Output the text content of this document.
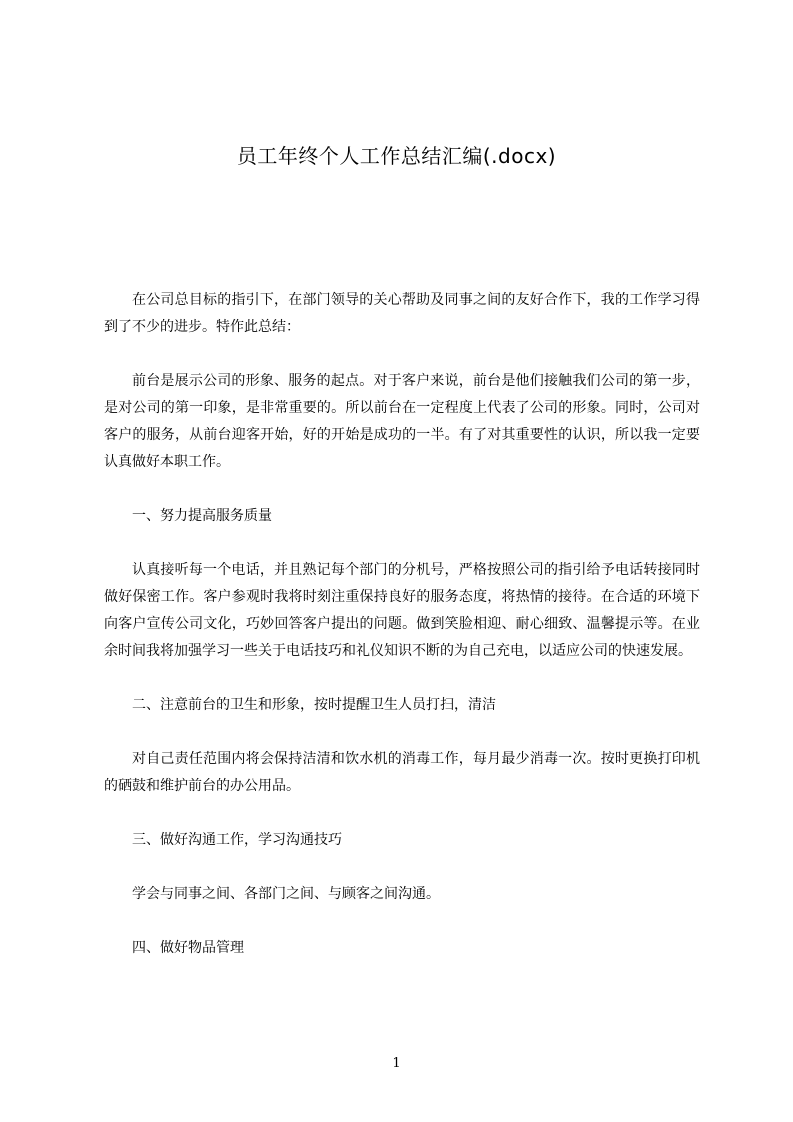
员工年终个人工作总结汇编(.docx)

在公司总目标的指引下，在部门领导的关心帮助及同事之间的友好合作下，我的工作学习得到了不少的进步。特作此总结：

前台是展示公司的形象、服务的起点。对于客户来说，前台是他们接触我们公司的第一步，是对公司的第一印象，是非常重要的。所以前台在一定程度上代表了公司的形象。同时，公司对客户的服务，从前台迎客开始，好的开始是成功的一半。有了对其重要性的认识，所以我一定要认真做好本职工作。

一、努力提高服务质量

认真接听每一个电话，并且熟记每个部门的分机号，严格按照公司的指引给予电话转接同时做好保密工作。客户参观时我将时刻注重保持良好的服务态度，将热情的接待。在合适的环境下向客户宣传公司文化，巧妙回答客户提出的问题。做到笑脸相迎、耐心细致、温馨提示等。在业余时间我将加强学习一些关于电话技巧和礼仪知识不断的为自己充电，以适应公司的快速发展。

二、注意前台的卫生和形象，按时提醒卫生人员打扫，清洁

对自己责任范围内将会保持洁清和饮水机的消毒工作，每月最少消毒一次。按时更换打印机的硒鼓和维护前台的办公用品。

三、做好沟通工作，学习沟通技巧

学会与同事之间、各部门之间、与顾客之间沟通。

四、做好物品管理

1
